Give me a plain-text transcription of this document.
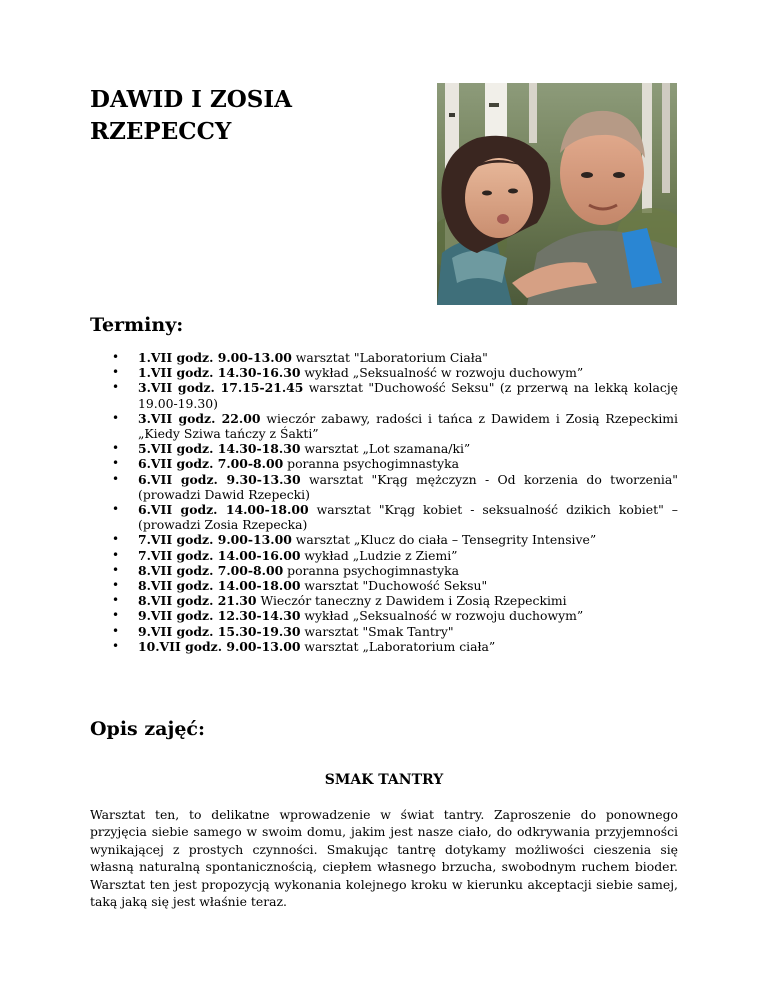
DAWID I ZOSIA
RZEPECCY
Terminy:
• 1.VII godz. 9.00-13.00 warsztat "Laboratorium Ciała"
• 1.VII godz. 14.30-16.30 wykład „Seksualność w rozwoju duchowym”
• 3.VII godz. 17.15-21.45 warsztat "Duchowość Seksu" (z przerwą na lekką kolację 19.00-19.30)
• 3.VII godz. 22.00 wieczór zabawy, radości i tańca z Dawidem i Zosią Rzepeckimi „Kiedy Sziwa tańczy z Śakti”
• 5.VII godz. 14.30-18.30 warsztat „Lot szamana/ki”
• 6.VII godz. 7.00-8.00 poranna psychogimnastyka
• 6.VII godz. 9.30-13.30 warsztat "Krąg mężczyzn - Od korzenia do tworzenia" (prowadzi Dawid Rzepecki)
• 6.VII godz. 14.00-18.00 warsztat "Krąg kobiet - seksualność dzikich kobiet" – (prowadzi Zosia Rzepecka)
• 7.VII godz. 9.00-13.00 warsztat „Klucz do ciała – Tensegrity Intensive”
• 7.VII godz. 14.00-16.00 wykład „Ludzie z Ziemi”
• 8.VII godz. 7.00-8.00 poranna psychogimnastyka
• 8.VII godz. 14.00-18.00 warsztat "Duchowość Seksu"
• 8.VII godz. 21.30 Wieczór taneczny z Dawidem i Zosią Rzepeckimi
• 9.VII godz. 12.30-14.30 wykład „Seksualność w rozwoju duchowym”
• 9.VII godz. 15.30-19.30 warsztat "Smak Tantry"
• 10.VII godz. 9.00-13.00 warsztat „Laboratorium ciała”
Opis zajęć:
SMAK TANTRY

Warsztat ten, to delikatne wprowadzenie w świat tantry. Zaproszenie do ponownego przyjęcia siebie samego w swoim domu, jakim jest nasze ciało, do odkrywania przyjemności wynikającej z prostych czynności. Smakując tantrę dotykamy możliwości cieszenia się własną naturalną spontanicznością, ciepłem własnego brzucha, swobodnym ruchem bioder. Warsztat ten jest propozycją wykonania kolejnego kroku w kierunku akceptacji siebie samej, taką jaką się jest właśnie teraz.
